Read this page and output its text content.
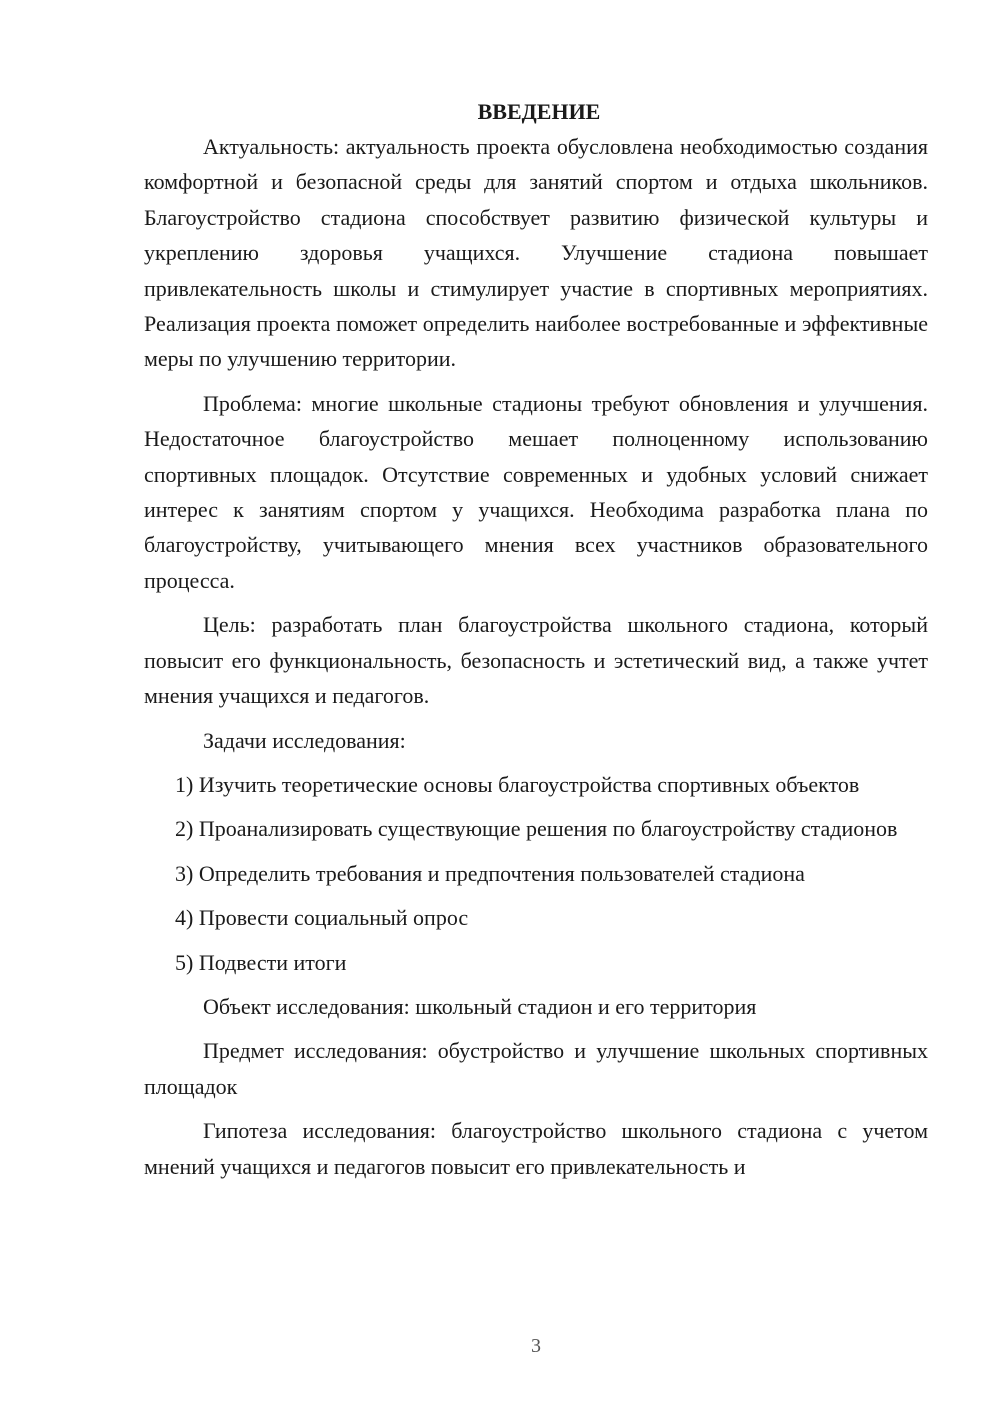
ВВЕДЕНИЕ

Актуальность: актуальность проекта обусловлена необходимостью создания комфортной и безопасной среды для занятий спортом и отдыха школьников. Благоустройство стадиона способствует развитию физической культуры и укреплению здоровья учащихся. Улучшение стадиона повышает привлекательность школы и стимулирует участие в спортивных мероприятиях. Реализация проекта поможет определить наиболее востребованные и эффективные меры по улучшению территории.

Проблема: многие школьные стадионы требуют обновления и улучшения. Недостаточное благоустройство мешает полноценному использованию спортивных площадок. Отсутствие современных и удобных условий снижает интерес к занятиям спортом у учащихся. Необходима разработка плана по благоустройству, учитывающего мнения всех участников образовательного процесса.

Цель: разработать план благоустройства школьного стадиона, который повысит его функциональность, безопасность и эстетический вид, а также учтет мнения учащихся и педагогов.

Задачи исследования:

1) Изучить теоретические основы благоустройства спортивных объектов

2) Проанализировать существующие решения по благоустройству стадионов

3) Определить требования и предпочтения пользователей стадиона

4) Провести социальный опрос

5) Подвести итоги

Объект исследования: школьный стадион и его территория

Предмет исследования: обустройство и улучшение школьных спортивных площадок

Гипотеза исследования: благоустройство школьного стадиона с учетом мнений учащихся и педагогов повысит его привлекательность и

3
